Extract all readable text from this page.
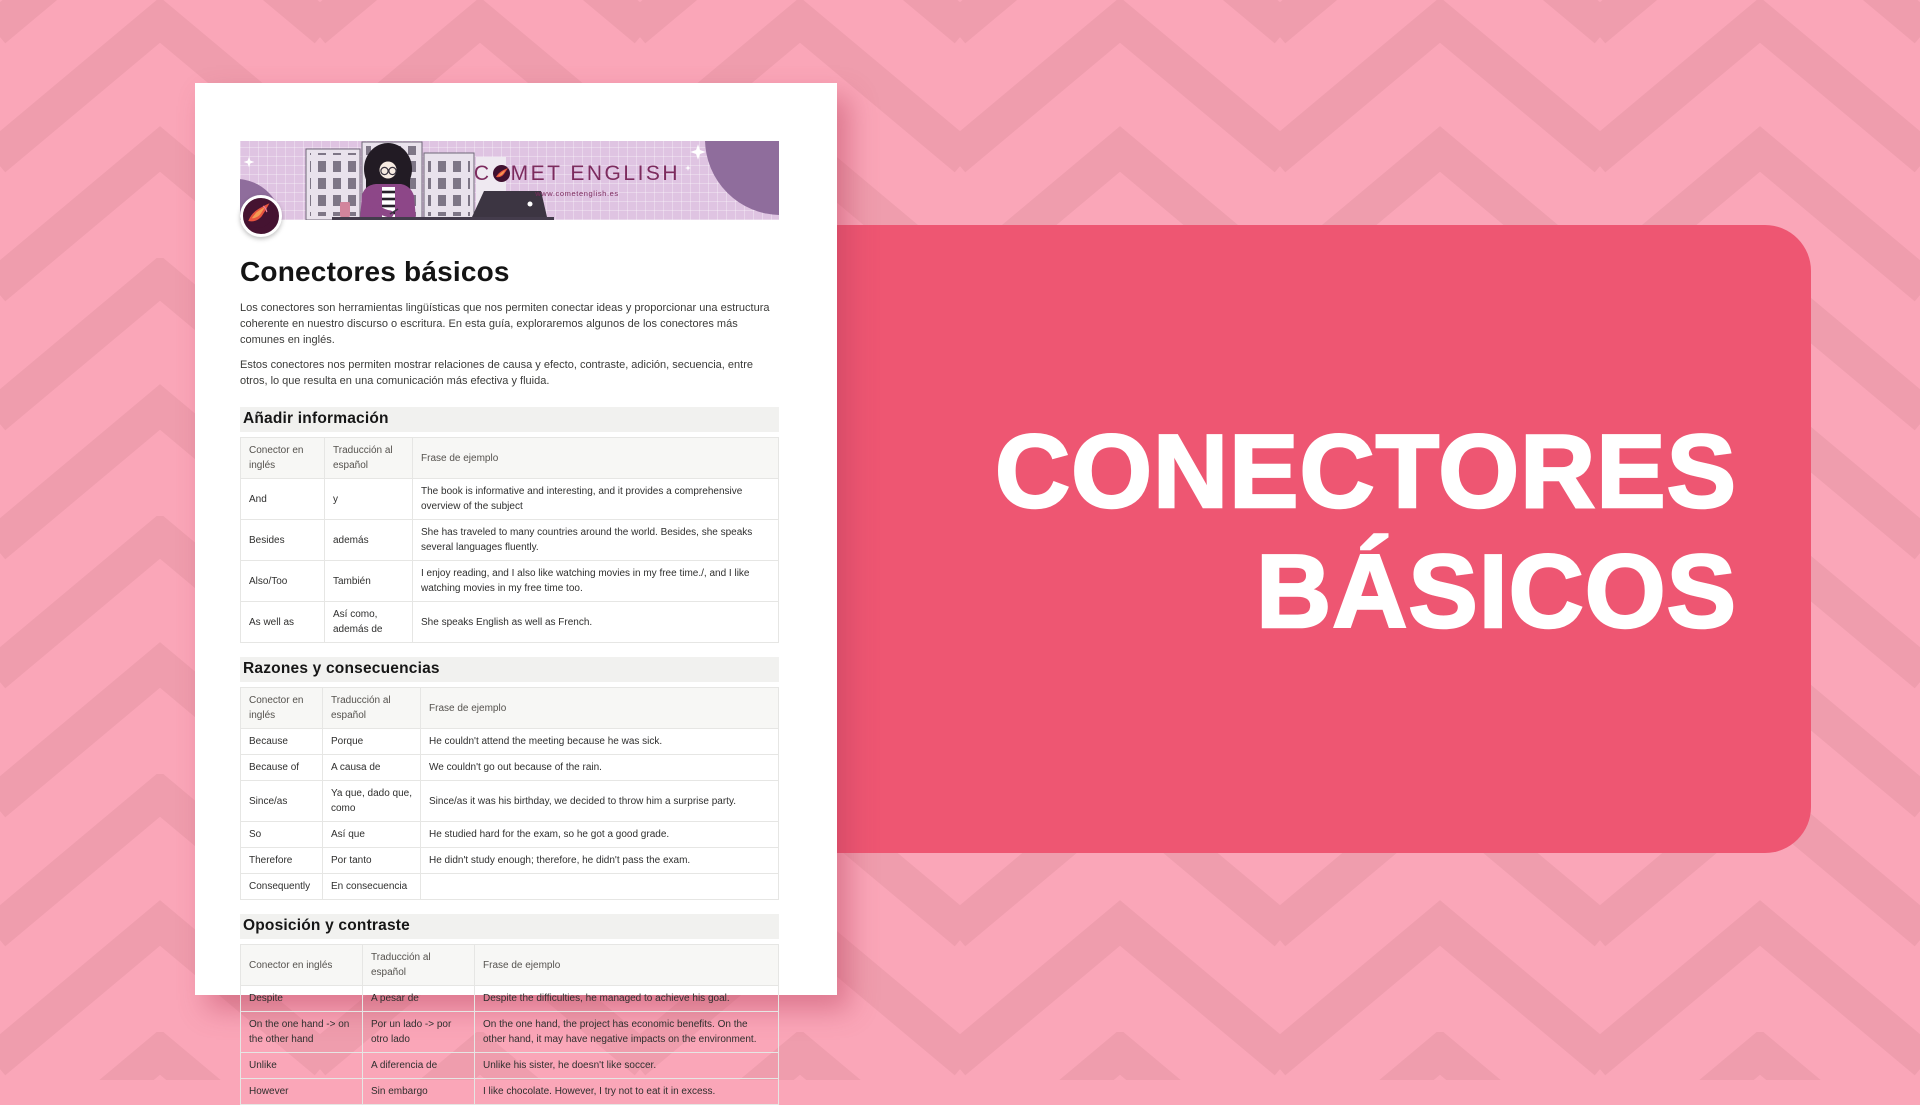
CONECTORES
BÁSICOS
C MET ENGLISH
www.cometenglish.es
Conectores básicos

Los conectores son herramientas lingüísticas que nos permiten conectar ideas y proporcionar una estructura coherente en nuestro discurso o escritura. En esta guía, exploraremos algunos de los conectores más comunes en inglés.

Estos conectores nos permiten mostrar relaciones de causa y efecto, contraste, adición, secuencia, entre otros, lo que resulta en una comunicación más efectiva y fluida.

Añadir información
Conector en inglés	Traducción al español	Frase de ejemplo
And	y	The book is informative and interesting, and it provides a comprehensive overview of the subject
Besides	además	She has traveled to many countries around the world. Besides, she speaks several languages fluently.
Also/Too	También	I enjoy reading, and I also like watching movies in my free time./, and I like watching movies in my free time too.
As well as	Así como, además de	She speaks English as well as French.
Razones y consecuencias
Conector en inglés	Traducción al español	Frase de ejemplo
Because	Porque	He couldn't attend the meeting because he was sick.
Because of	A causa de	We couldn't go out because of the rain.
Since/as	Ya que, dado que, como	Since/as it was his birthday, we decided to throw him a surprise party.
So	Así que	He studied hard for the exam, so he got a good grade.
Therefore	Por tanto	He didn't study enough; therefore, he didn't pass the exam.
Consequently	En consecuencia	
Oposición y contraste
Conector en inglés	Traducción al español	Frase de ejemplo
Despite	A pesar de	Despite the difficulties, he managed to achieve his goal.
On the one hand -> on the other hand	Por un lado -> por otro lado	On the one hand, the project has economic benefits. On the other hand, it may have negative impacts on the environment.
Unlike	A diferencia de	Unlike his sister, he doesn't like soccer.
However	Sin embargo	I like chocolate. However, I try not to eat it in excess.
